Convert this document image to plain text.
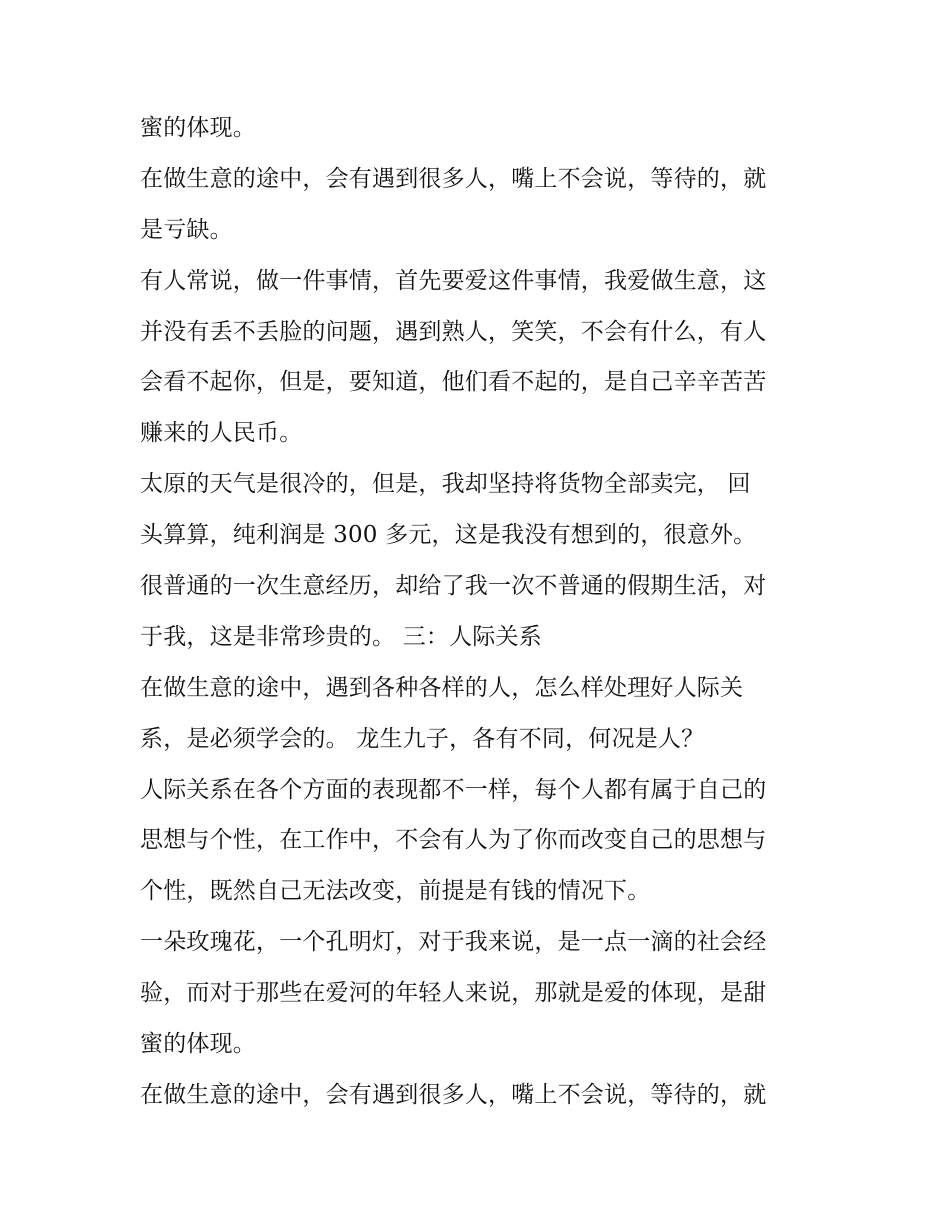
蜜的体现。
在做生意的途中，会有遇到很多人，嘴上不会说，等待的，就
是亏缺。
有人常说，做一件事情，首先要爱这件事情，我爱做生意，这
并没有丢不丢脸的问题，遇到熟人，笑笑，不会有什么，有人
会看不起你，但是，要知道，他们看不起的，是自己辛辛苦苦
赚来的人民币。
太原的天气是很冷的，但是，我却坚持将货物全部卖完， 回
头算算，纯利润是 300 多元，这是我没有想到的，很意外。
很普通的一次生意经历，却给了我一次不普通的假期生活，对
于我，这是非常珍贵的。 三：人际关系
在做生意的途中，遇到各种各样的人，怎么样处理好人际关
系，是必须学会的。 龙生九子，各有不同，何况是人？
人际关系在各个方面的表现都不一样，每个人都有属于自己的
思想与个性，在工作中，不会有人为了你而改变自己的思想与
个性，既然自己无法改变，前提是有钱的情况下。
一朵玫瑰花，一个孔明灯，对于我来说，是一点一滴的社会经
验，而对于那些在爱河的年轻人来说，那就是爱的体现，是甜
蜜的体现。
在做生意的途中，会有遇到很多人，嘴上不会说，等待的，就
